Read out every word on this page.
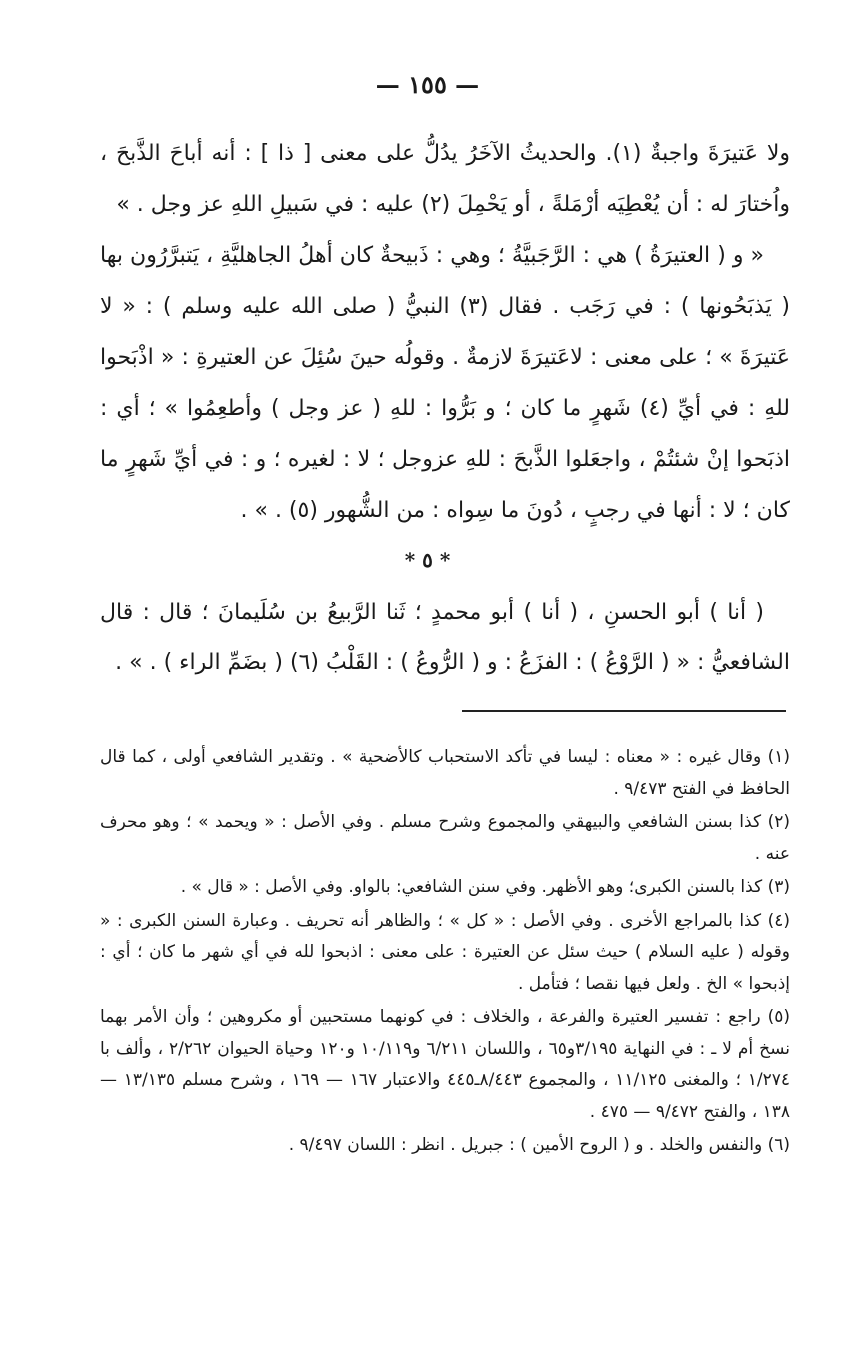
— ١٥٥ —

ولا عَتيرَةَ واجبةٌ (١). والحديثُ الآخَرُ يدُلُّ على معنى [ ذا ] : أنه أباحَ الذَّبحَ ، واُختارَ له : أن يُعْطِيَه أرْمَلةً ، أو يَحْمِلَ (٢) عليه : في سَبيلِ اللهِ عز وجل . »

« و ( العتيرَةُ ) هي : الرَّجَبيَّةُ ؛ وهي : ذَبيحةٌ كان أهلُ الجاهليَّةِ ، يَتبرَّرُون بها ( يَذبَحُونها ) : في رَجَب . فقال (٣) النبيُّ ( صلى الله عليه وسلم ) : « لا عَتيرَةَ » ؛ على معنى : لاعَتيرَةَ لازمةٌ . وقولُه حينَ سُئِلَ عن العتيرةِ : « اذْبَحوا للهِ : في أيِّ (٤) شَهرٍ ما كان ؛ و بَرُّوا : للهِ ( عز وجل ) وأطعِمُوا » ؛ أي : اذبَحوا إنْ شئتُمْ ، واجعَلوا الذَّبحَ : للهِ عزوجل ؛ لا : لغيره ؛ و : في أيِّ شَهرٍ ما كان ؛ لا : أنها في رجبٍ ، دُونَ ما سِواه : من الشُّهور (٥) . » .

* ٥ *

( أنا ) أبو الحسنِ ، ( أنا ) أبو محمدٍ ؛ ثَنا الرَّبيعُ بن سُلَيمانَ ؛ قال : قال الشافعيُّ : « ( الرَّوْعُ ) : الفزَعُ : و ( الرُّوعُ ) : القَلْبُ (٦) ( بضَمِّ الراء ) . » .

(١) وقال غيره : « معناه : ليسا في تأكد الاستحباب كالأضحية » . وتقدير الشافعي أولى ، كما قال الحافظ في الفتح ٩/٤٧٣ .

(٢) كذا بسنن الشافعي والبيهقي والمجموع وشرح مسلم . وفي الأصل : « ويحمد » ؛ وهو محرف عنه .

(٣) كذا بالسنن الكبرى؛ وهو الأظهر. وفي سنن الشافعي: بالواو. وفي الأصل : « قال » .

(٤) كذا بالمراجع الأخرى . وفي الأصل : « كل » ؛ والظاهر أنه تحريف . وعبارة السنن الكبرى : « وقوله ( عليه السلام ) حيث سئل عن العتيرة : على معنى : اذبحوا لله في أي شهر ما كان ؛ أي : إذبحوا » الخ . ولعل فيها نقصا ؛ فتأمل .

(٥) راجع : تفسير العتيرة والفرعة ، والخلاف : في كونهما مستحبين أو مكروهين ؛ وأن الأمر بهما نسخ أم لا ـ : في النهاية ٣/١٩٥و٦٥ ، واللسان ٦/٢١١ و١٠/١١٩ و١٢٠ وحياة الحيوان ٢/٢٦٢ ، وألف با ١/٢٧٤ ؛ والمغنى ١١/١٢٥ ، والمجموع ٨/٤٤٣ـ٤٤٥ والاعتبار ١٦٧ — ١٦٩ ، وشرح مسلم ١٣/١٣٥ — ١٣٨ ، والفتح ٩/٤٧٢ — ٤٧٥ .

(٦) والنفس والخلد . و ( الروح الأمين ) : جبريل . انظر : اللسان ٩/٤٩٧ .
